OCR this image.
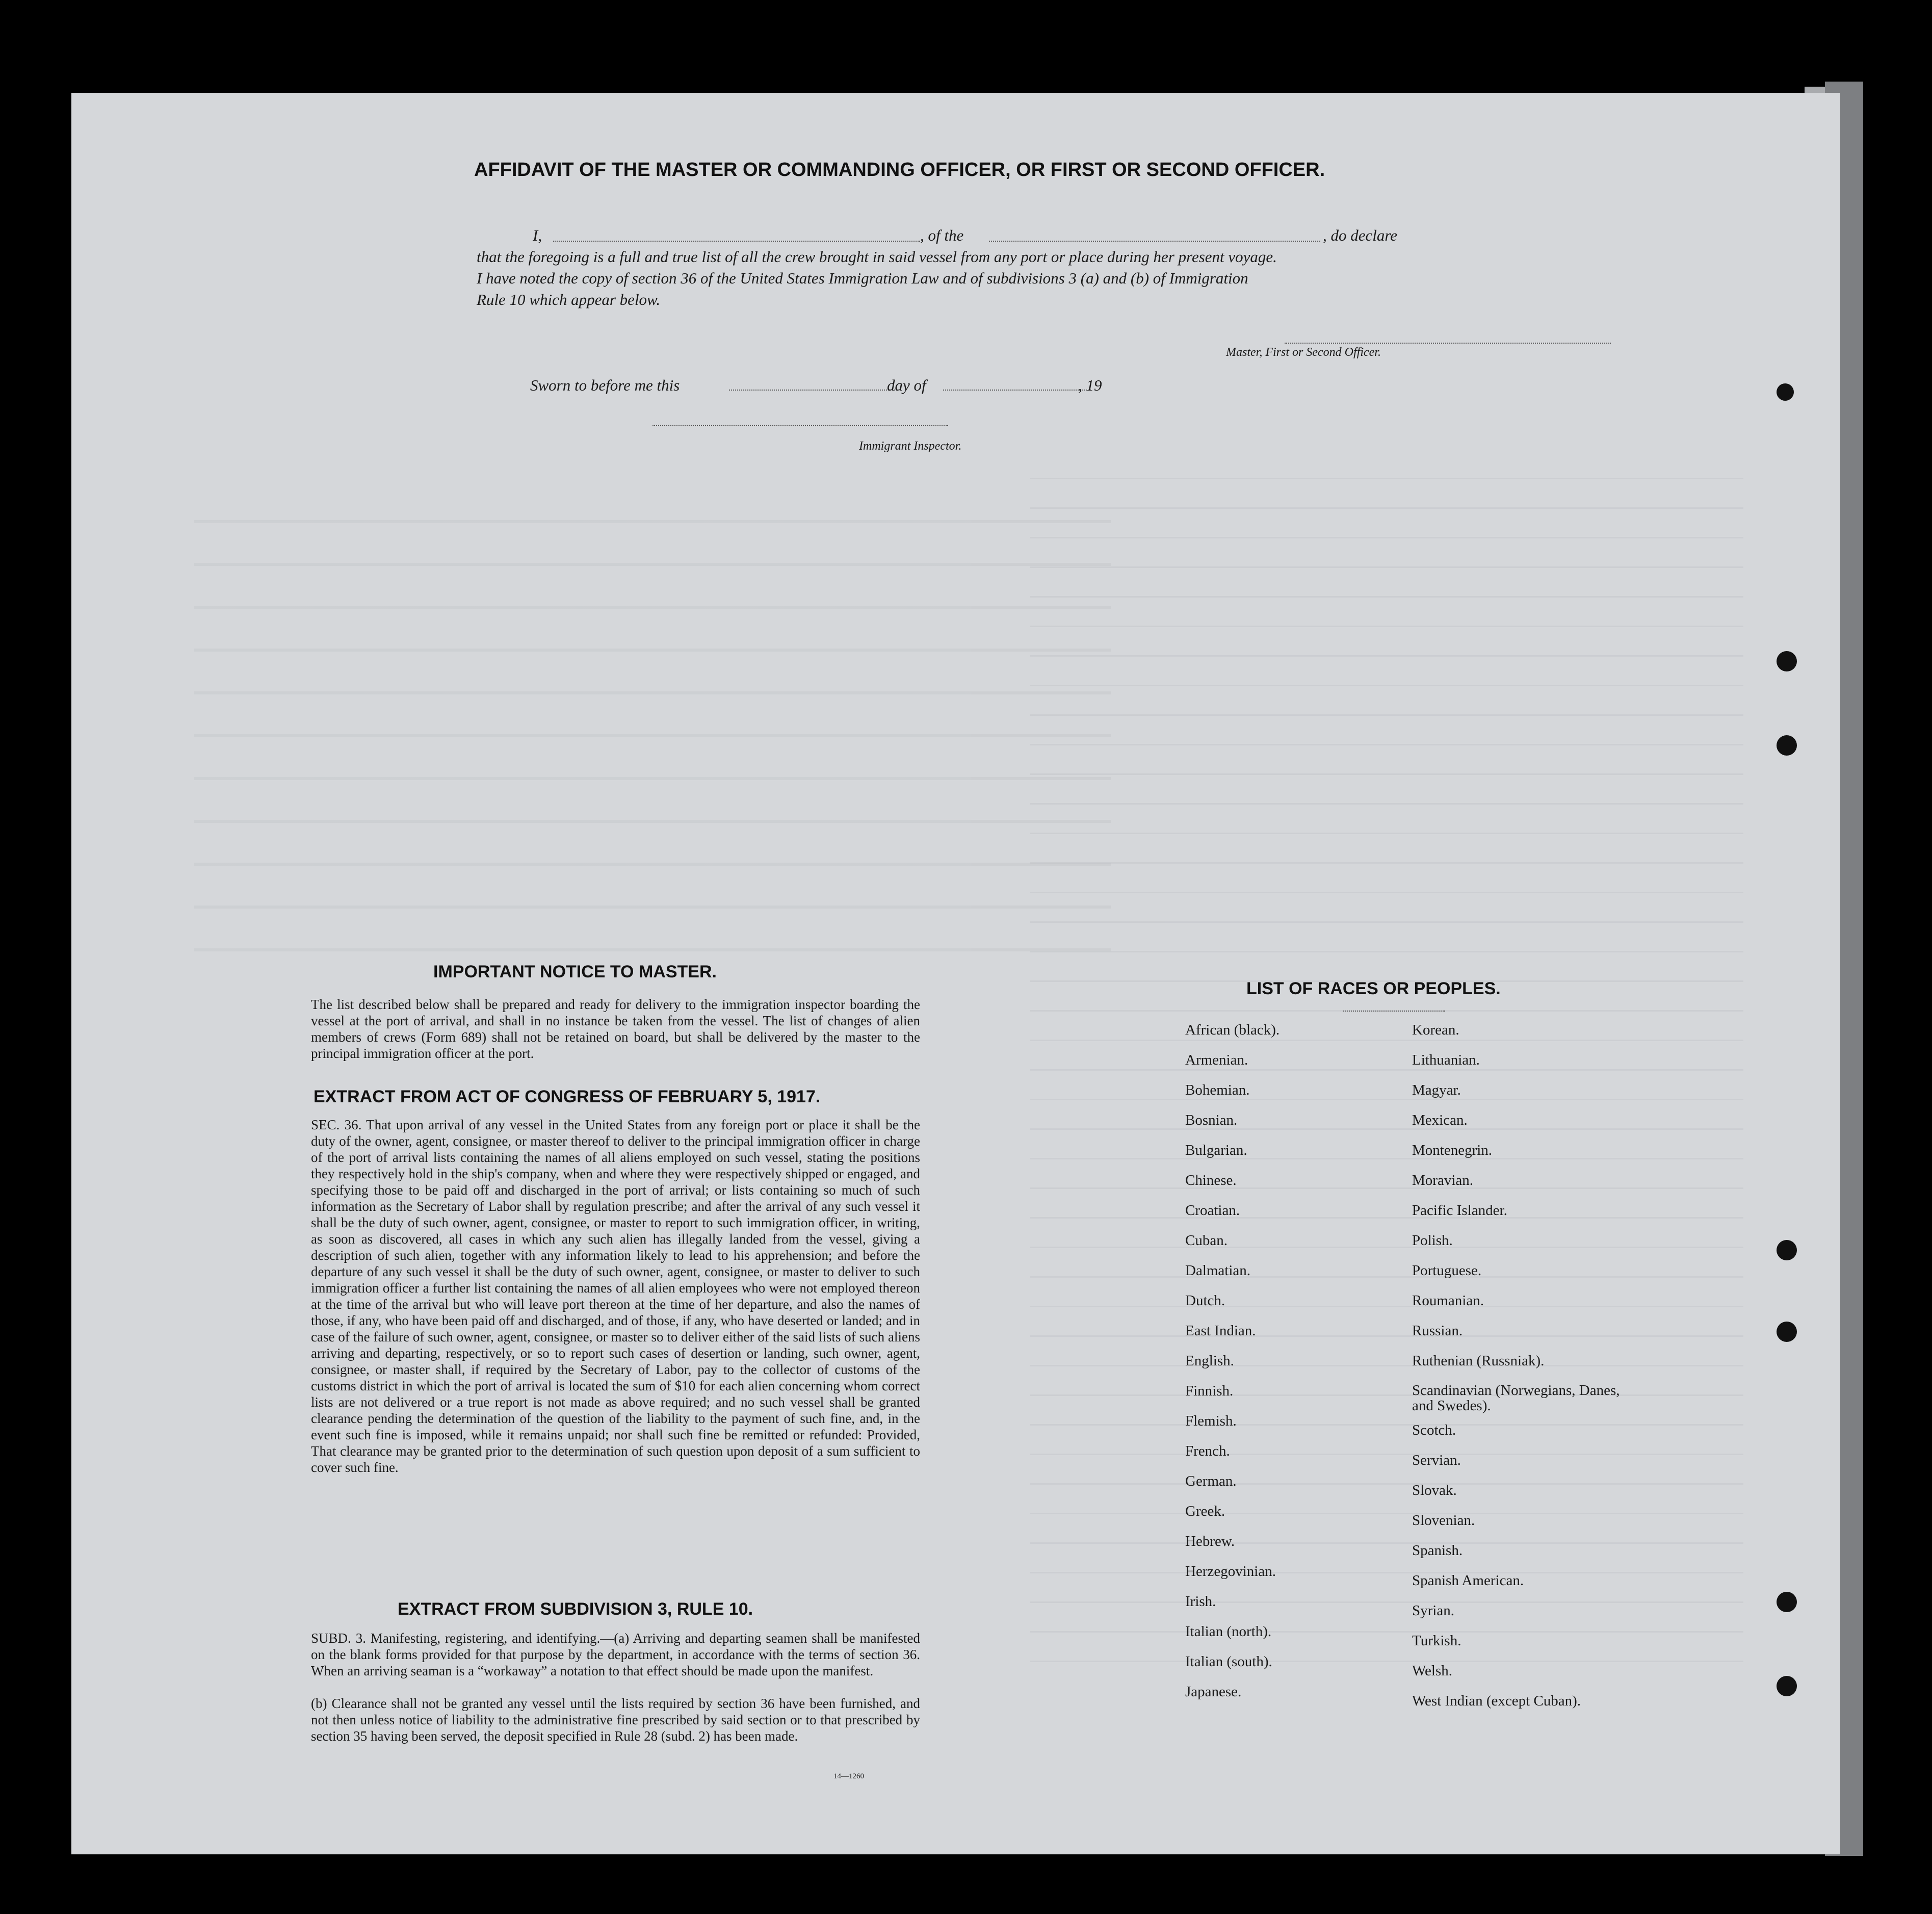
AFFIDAVIT OF THE MASTER OR COMMANDING OFFICER, OR FIRST OR SECOND OFFICER.
I,	, of the	, do declare
that the foregoing is a full and true list of all the crew brought in said vessel from any port or place during her present voyage.
I have noted the copy of section 36 of the United States Immigration Law and of subdivisions 3 (a) and (b) of Immigration
Rule 10 which appear below.
Master, First or Second Officer.
Sworn to before me this	day of	, 19
Immigrant Inspector.
IMPORTANT NOTICE TO MASTER.
The list described below shall be prepared and ready for delivery to the immigration inspector boarding the vessel at the port of arrival, and shall in no instance be taken from the vessel. The list of changes of alien members of crews (Form 689) shall not be retained on board, but shall be delivered by the master to the principal immigration officer at the port.
EXTRACT FROM ACT OF CONGRESS OF FEBRUARY 5, 1917.
SEC. 36. That upon arrival of any vessel in the United States from any foreign port or place it shall be the duty of the owner, agent, consignee, or master thereof to deliver to the principal immigration officer in charge of the port of arrival lists containing the names of all aliens employed on such vessel, stating the positions they respectively hold in the ship's company, when and where they were respectively shipped or engaged, and specifying those to be paid off and discharged in the port of arrival; or lists containing so much of such information as the Secretary of Labor shall by regulation prescribe; and after the arrival of any such vessel it shall be the duty of such owner, agent, consignee, or master to report to such immigration officer, in writing, as soon as discovered, all cases in which any such alien has illegally landed from the vessel, giving a description of such alien, together with any information likely to lead to his apprehension; and before the departure of any such vessel it shall be the duty of such owner, agent, consignee, or master to deliver to such immigration officer a further list containing the names of all alien employees who were not employed thereon at the time of the arrival but who will leave port thereon at the time of her departure, and also the names of those, if any, who have been paid off and discharged, and of those, if any, who have deserted or landed; and in case of the failure of such owner, agent, consignee, or master so to deliver either of the said lists of such aliens arriving and departing, respectively, or so to report such cases of desertion or landing, such owner, agent, consignee, or master shall, if required by the Secretary of Labor, pay to the collector of customs of the customs district in which the port of arrival is located the sum of $10 for each alien concerning whom correct lists are not delivered or a true report is not made as above required; and no such vessel shall be granted clearance pending the determination of the question of the liability to the payment of such fine, and, in the event such fine is imposed, while it remains unpaid; nor shall such fine be remitted or refunded: Provided, That clearance may be granted prior to the determination of such question upon deposit of a sum sufficient to cover such fine.
EXTRACT FROM SUBDIVISION 3, RULE 10.
SUBD. 3. Manifesting, registering, and identifying.—(a) Arriving and departing seamen shall be manifested on the blank forms provided for that purpose by the department, in accordance with the terms of section 36. When an arriving seaman is a “workaway” a notation to that effect should be made upon the manifest.
(b) Clearance shall not be granted any vessel until the lists required by section 36 have been furnished, and not then unless notice of liability to the administrative fine prescribed by said section or to that prescribed by section 35 having been served, the deposit specified in Rule 28 (subd. 2) has been made.
14—1260
LIST OF RACES OR PEOPLES.
African (black).
Armenian.
Bohemian.
Bosnian.
Bulgarian.
Chinese.
Croatian.
Cuban.
Dalmatian.
Dutch.
East Indian.
English.
Finnish.
Flemish.
French.
German.
Greek.
Hebrew.
Herzegovinian.
Irish.
Italian (north).
Italian (south).
Japanese.
Korean.
Lithuanian.
Magyar.
Mexican.
Montenegrin.
Moravian.
Pacific Islander.
Polish.
Portuguese.
Roumanian.
Russian.
Ruthenian (Russniak).
Scandinavian (Norwegians, Danes, and Swedes).
Scotch.
Servian.
Slovak.
Slovenian.
Spanish.
Spanish American.
Syrian.
Turkish.
Welsh.
West Indian (except Cuban).
